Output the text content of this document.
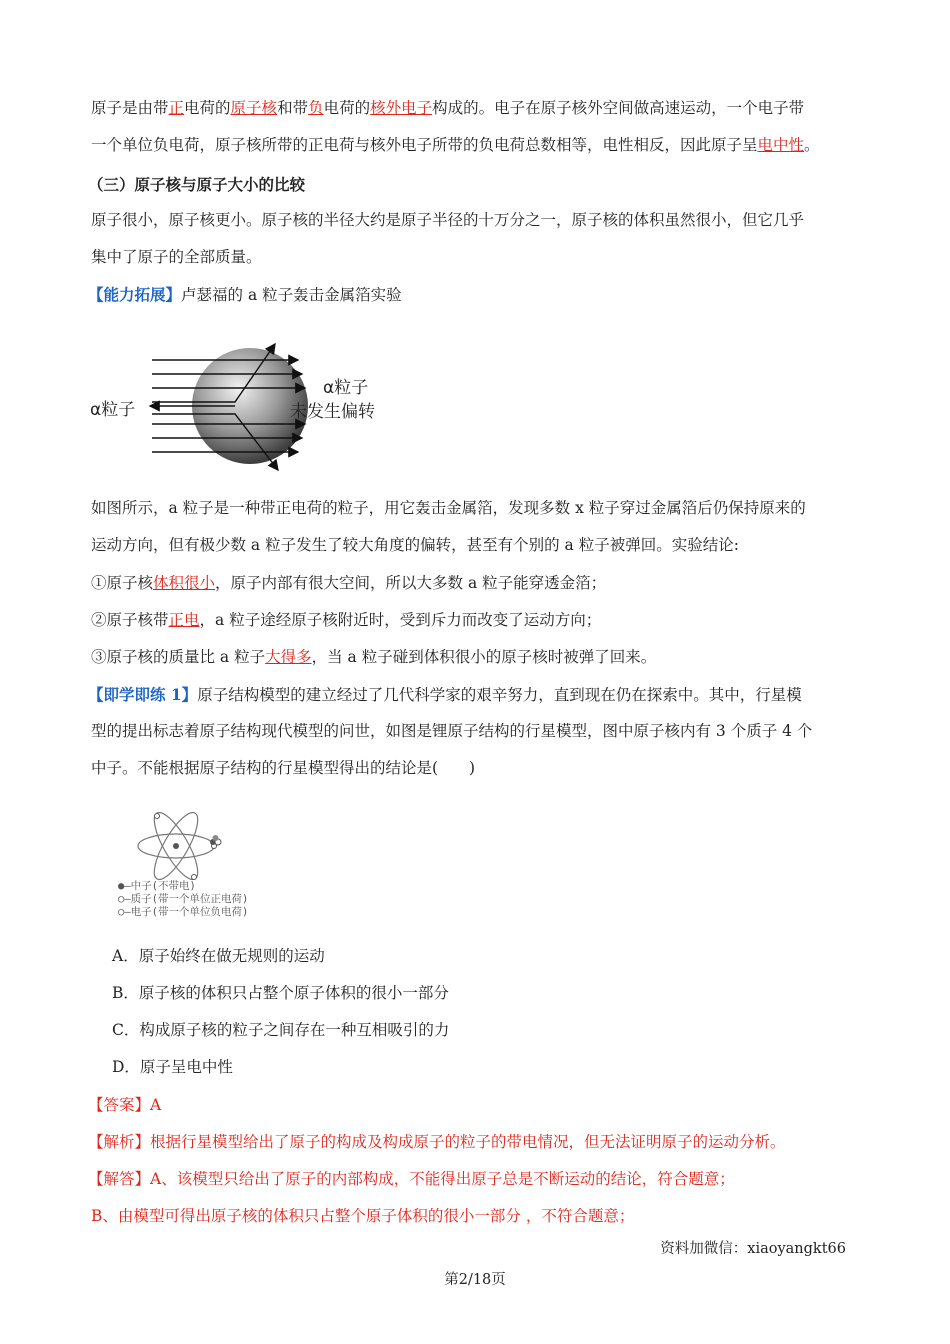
原子是由带正电荷的原子核和带负电荷的核外电子构成的。电子在原子核外空间做高速运动，一个电子带
一个单位负电荷，原子核所带的正电荷与核外电子所带的负电荷总数相等，电性相反，因此原子呈电中性。
（三）原子核与原子大小的比较
原子很小，原子核更小。原子核的半径大约是原子半径的十万分之一，原子核的体积虽然很小，但它几乎
集中了原子的全部质量。
【能力拓展】卢瑟福的 a 粒子轰击金属箔实验
α粒子
α粒子
未发生偏转
如图所示，a 粒子是一种带正电荷的粒子，用它轰击金属箔，发现多数 x 粒子穿过金属箔后仍保持原来的
运动方向，但有极少数 a 粒子发生了较大角度的偏转，甚至有个别的 a 粒子被弹回。实验结论:
①原子核体积很小，原子内部有很大空间，所以大多数 a 粒子能穿透金箔；
②原子核带正电，a 粒子途经原子核附近时，受到斥力而改变了运动方向；
③原子核的质量比 a 粒子大得多，当 a 粒子碰到体积很小的原子核时被弹了回来。
【即学即练 1】原子结构模型的建立经过了几代科学家的艰辛努力，直到现在仍在探索中。其中，行星模
型的提出标志着原子结构现代模型的问世，如图是锂原子结构的行星模型，图中原子核内有 3 个质子 4 个
中子。不能根据原子结构的行星模型得出的结论是(　　)
●—中子(不带电)
○—质子(带一个单位正电荷)
○—电子(带一个单位负电荷)
A．原子始终在做无规则的运动
B．原子核的体积只占整个原子体积的很小一部分
C．构成原子核的粒子之间存在一种互相吸引的力
D．原子呈电中性
【答案】A
【解析】根据行星模型给出了原子的构成及构成原子的粒子的带电情况，但无法证明原子的运动分析。
【解答】A、该模型只给出了原子的内部构成，不能得出原子总是不断运动的结论，符合题意；
B、由模型可得出原子核的体积只占整个原子体积的很小一部分 ，不符合题意；
资料加微信：xiaoyangkt66
第2/18页
